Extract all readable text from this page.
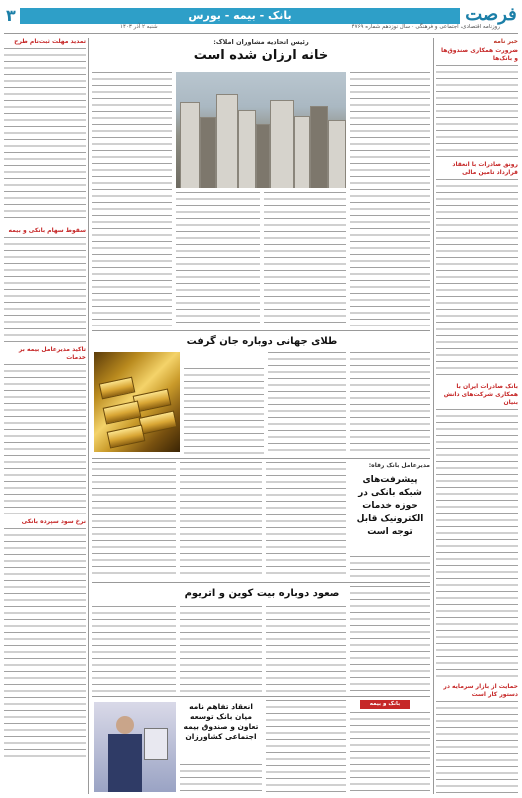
فرصت
بانک - بیمه - بورس
روزنامه اقتصادی، اجتماعی و فرهنگی · سال نوزدهم شماره ۴۷۶۹
شنبه ۲ آذر ۱۴۰۳
۳
خبر نامه
ضرورت همکاری صندوق‌ها و بانک‌ها
رونق صادرات با انعقاد قرارداد تامین مالی
بانک صادرات ایران با همکاری شرکت‌های دانش بنیان
حمایت از بازار سرمایه در دستور کار است
تمدید مهلت ثبت‌نام طرح
سقوط سهام بانکی و بیمه
تاکید مدیرعامل بیمه بر خدمات
نرخ سود سپرده بانکی
رئیس اتحادیه مشاوران املاک:
خانه ارزان شده است
طلای جهانی دوباره جان گرفت
مدیرعامل بانک رفاه:
پیشرفت‌های شبکه بانکی در حوزه خدمات الکترونیک قابل توجه است
صعود دوباره بیت کوین و اتریوم
بانک و بیمه
انعقاد تفاهم نامه میان بانک توسعه تعاون و صندوق بیمه اجتماعی کشاورزان
